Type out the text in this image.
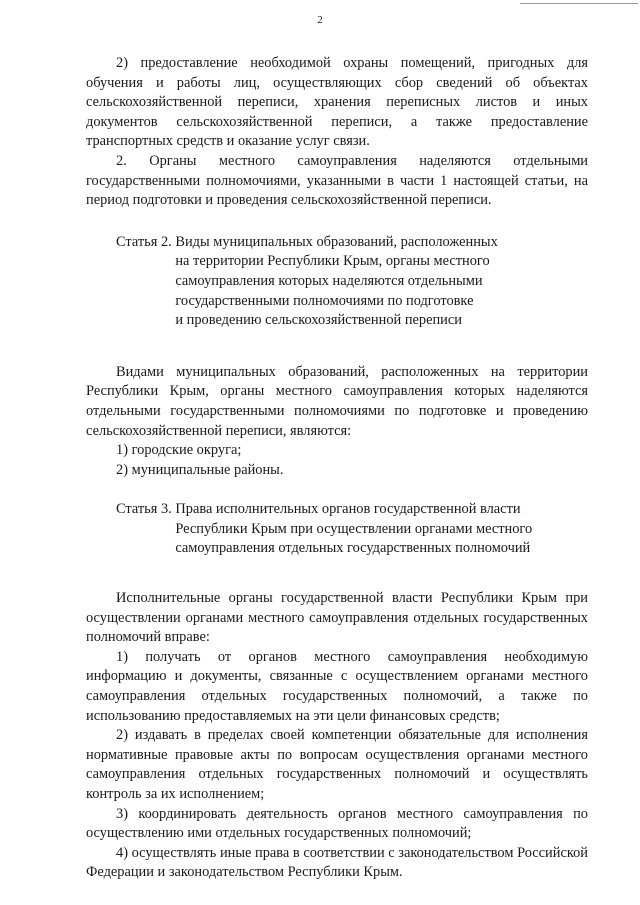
2

2) предоставление необходимой охраны помещений, пригодных для обучения и работы лиц, осуществляющих сбор сведений об объектах сельскохозяйственной переписи, хранения переписных листов и иных документов сельскохозяйственной переписи, а также предоставление транспортных средств и оказание услуг связи.

2. Органы местного самоуправления наделяются отдельными государственными полномочиями, указанными в части 1 настоящей статьи, на период подготовки и проведения сельскохозяйственной переписи.

Статья 2. Виды муниципальных образований, расположенных
на территории Республики Крым, органы местного
самоуправления которых наделяются отдельными
государственными полномочиями по подготовке
и проведению сельскохозяйственной переписи

Видами муниципальных образований, расположенных на территории Республики Крым, органы местного самоуправления которых наделяются отдельными государственными полномочиями по подготовке и проведению сельскохозяйственной переписи, являются:

1) городские округа;

2) муниципальные районы.

Статья 3. Права исполнительных органов государственной власти
Республики Крым при осуществлении органами местного
самоуправления отдельных государственных полномочий

Исполнительные органы государственной власти Республики Крым при осуществлении органами местного самоуправления отдельных государственных полномочий вправе:

1) получать от органов местного самоуправления необходимую информацию и документы, связанные с осуществлением органами местного самоуправления отдельных государственных полномочий, а также по использованию предоставляемых на эти цели финансовых средств;

2) издавать в пределах своей компетенции обязательные для исполнения нормативные правовые акты по вопросам осуществления органами местного самоуправления отдельных государственных полномочий и осуществлять контроль за их исполнением;

3) координировать деятельность органов местного самоуправления по осуществлению ими отдельных государственных полномочий;

4) осуществлять иные права в соответствии с законодательством Российской Федерации и законодательством Республики Крым.
